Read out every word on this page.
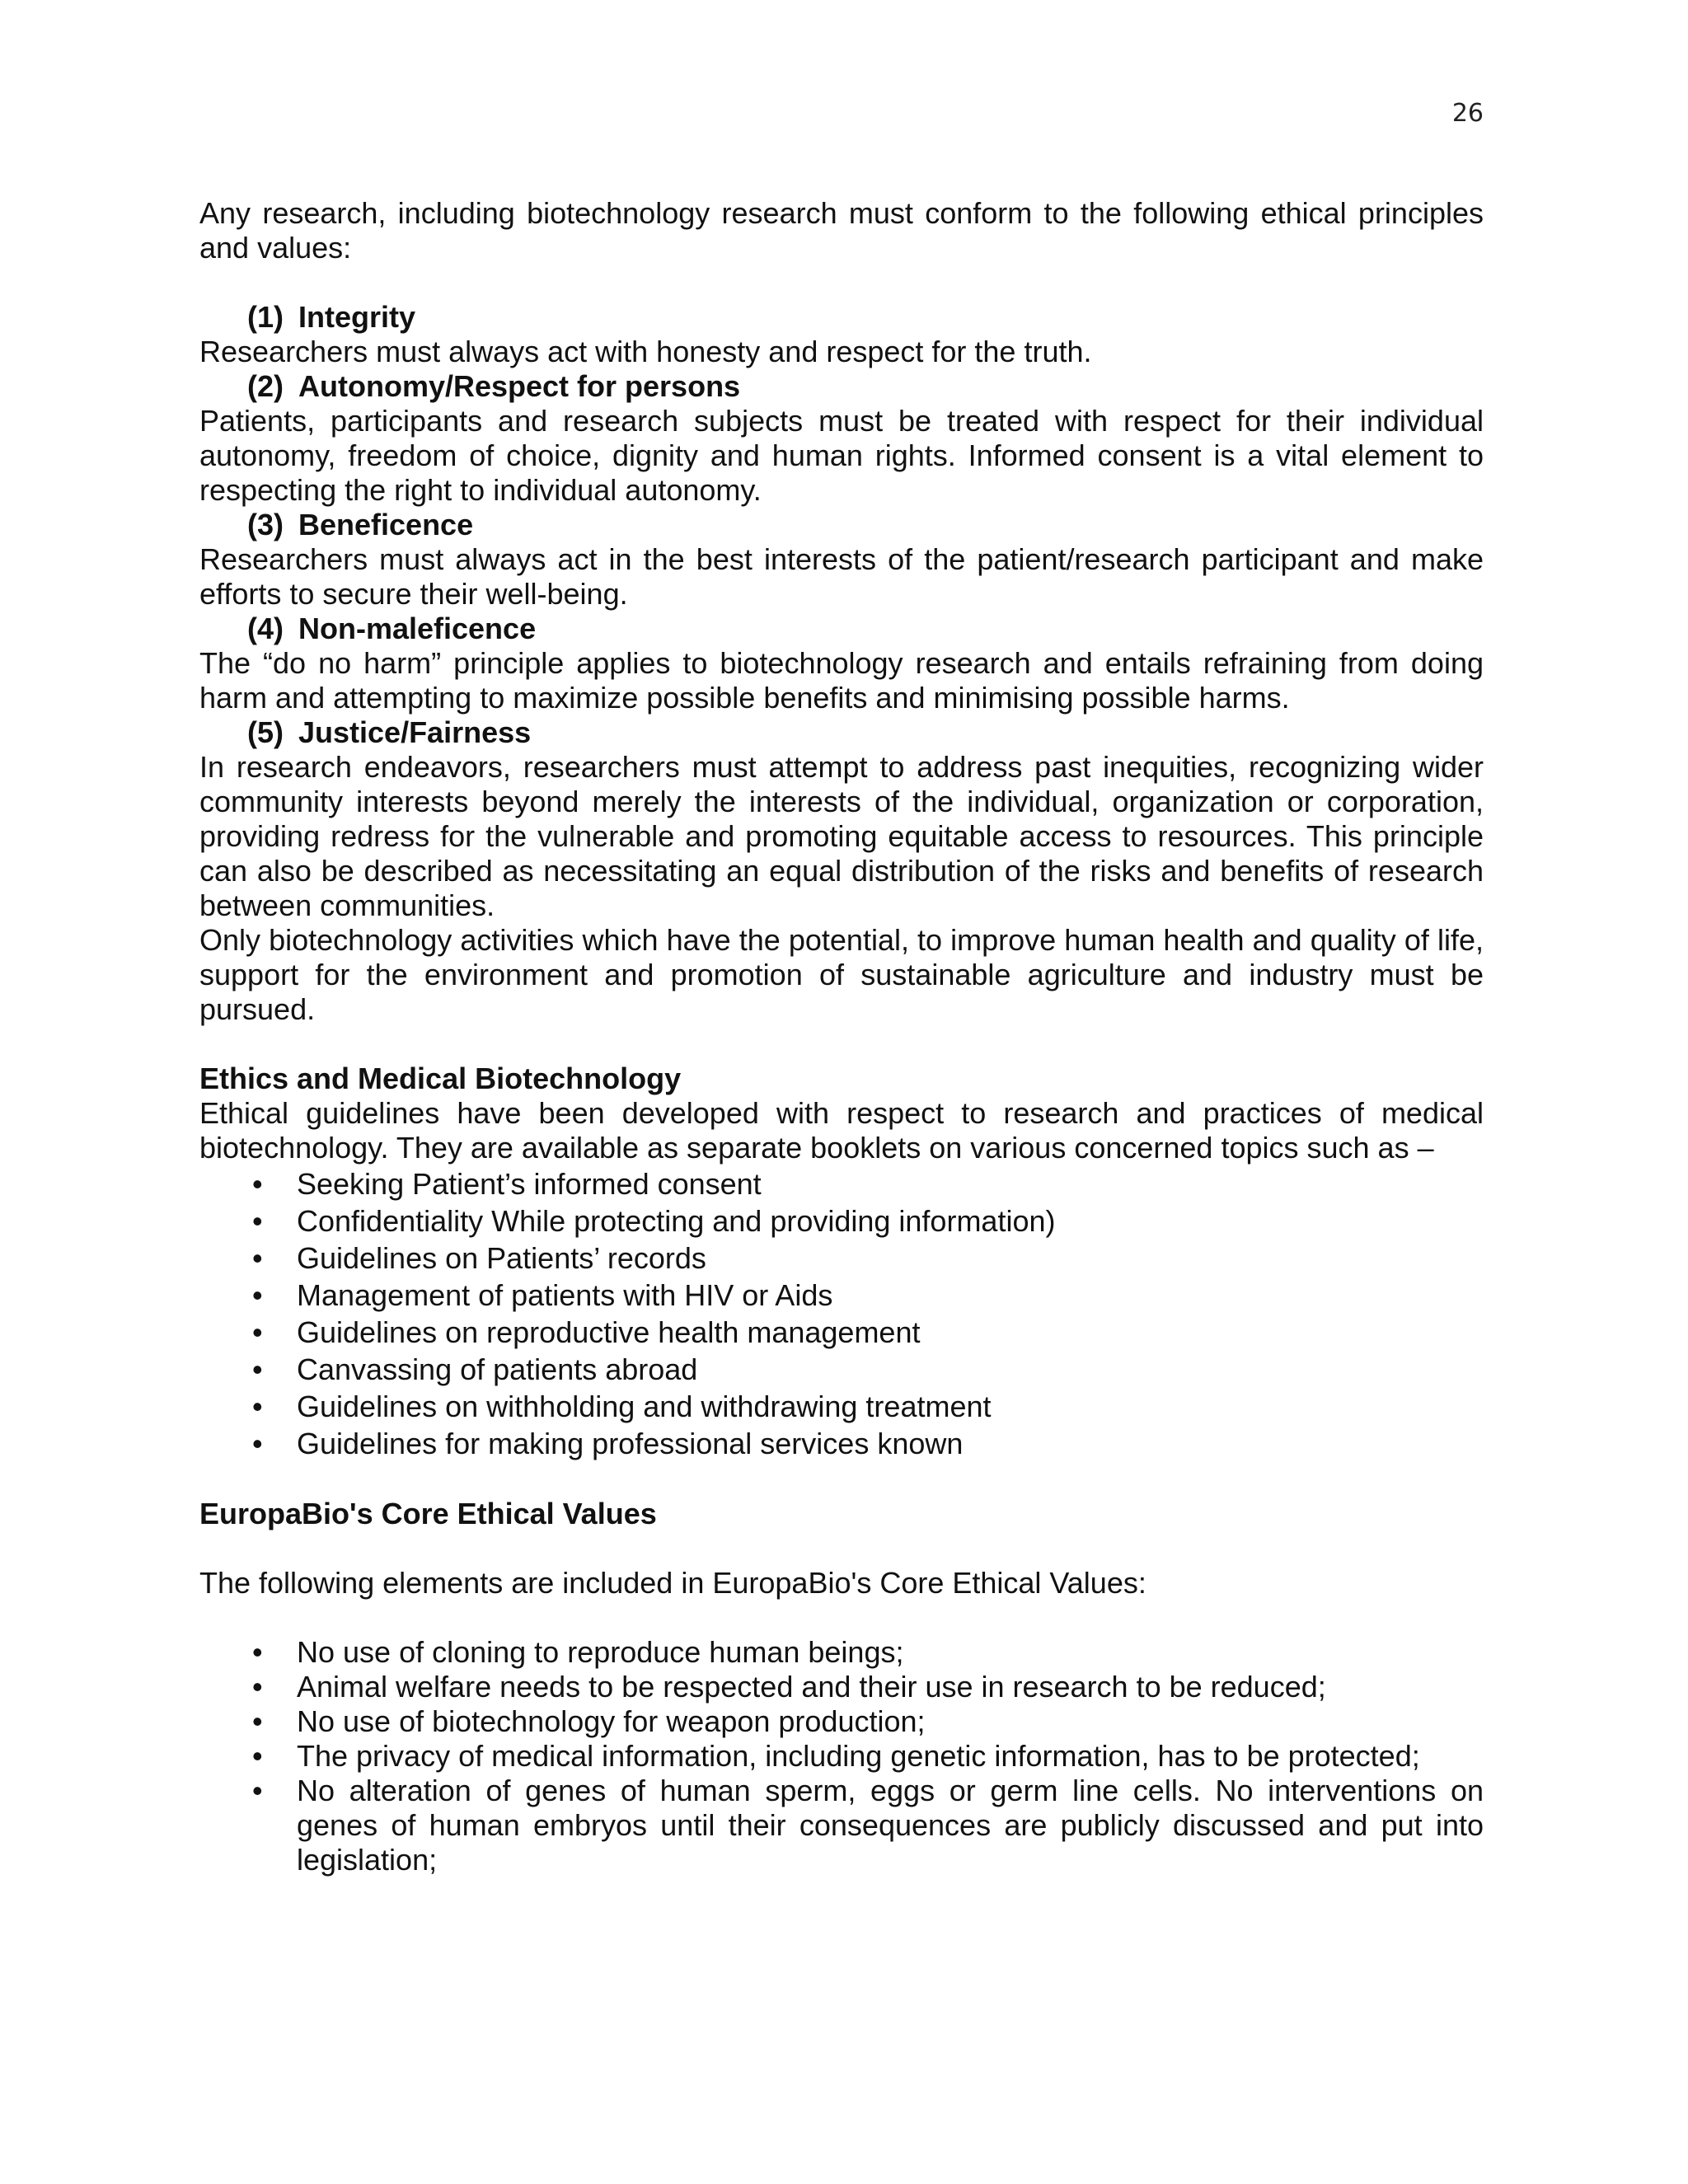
26

Any research, including biotechnology research must conform to the following ethical principles and values:

(1) Integrity

Researchers must always act with honesty and respect for the truth.

(2) Autonomy/Respect for persons

Patients, participants and research subjects must be treated with respect for their individual autonomy, freedom of choice, dignity and human rights. Informed consent is a vital element to respecting the right to individual autonomy.

(3) Beneficence

Researchers must always act in the best interests of the patient/research participant and make efforts to secure their well-being.

(4) Non-maleficence

The “do no harm” principle applies to biotechnology research and entails refraining from doing harm and attempting to maximize possible benefits and minimising possible harms.

(5) Justice/Fairness

In research endeavors, researchers must attempt to address past inequities, recognizing wider community interests beyond merely the interests of the individual, organization or corporation, providing redress for the vulnerable and promoting equitable access to resources. This principle can also be described as necessitating an equal distribution of the risks and benefits of research between communities.

Only biotechnology activities which have the potential, to improve human health and quality of life, support for the environment and promotion of sustainable agriculture and industry must be pursued.

Ethics and Medical Biotechnology

Ethical guidelines have been developed with respect to research and practices of medical biotechnology. They are available as separate booklets on various concerned topics such as –

• Seeking Patient’s informed consent
• Confidentiality While protecting and providing information)
• Guidelines on Patients’ records
• Management of patients with HIV or Aids
• Guidelines on reproductive health management
• Canvassing of patients abroad
• Guidelines on withholding and withdrawing treatment
• Guidelines for making professional services known
EuropaBio's Core Ethical Values

The following elements are included in EuropaBio's Core Ethical Values:

• No use of cloning to reproduce human beings;
• Animal welfare needs to be respected and their use in research to be reduced;
• No use of biotechnology for weapon production;
• The privacy of medical information, including genetic information, has to be protected;
• No alteration of genes of human sperm, eggs or germ line cells. No interventions on genes of human embryos until their consequences are publicly discussed and put into legislation;
